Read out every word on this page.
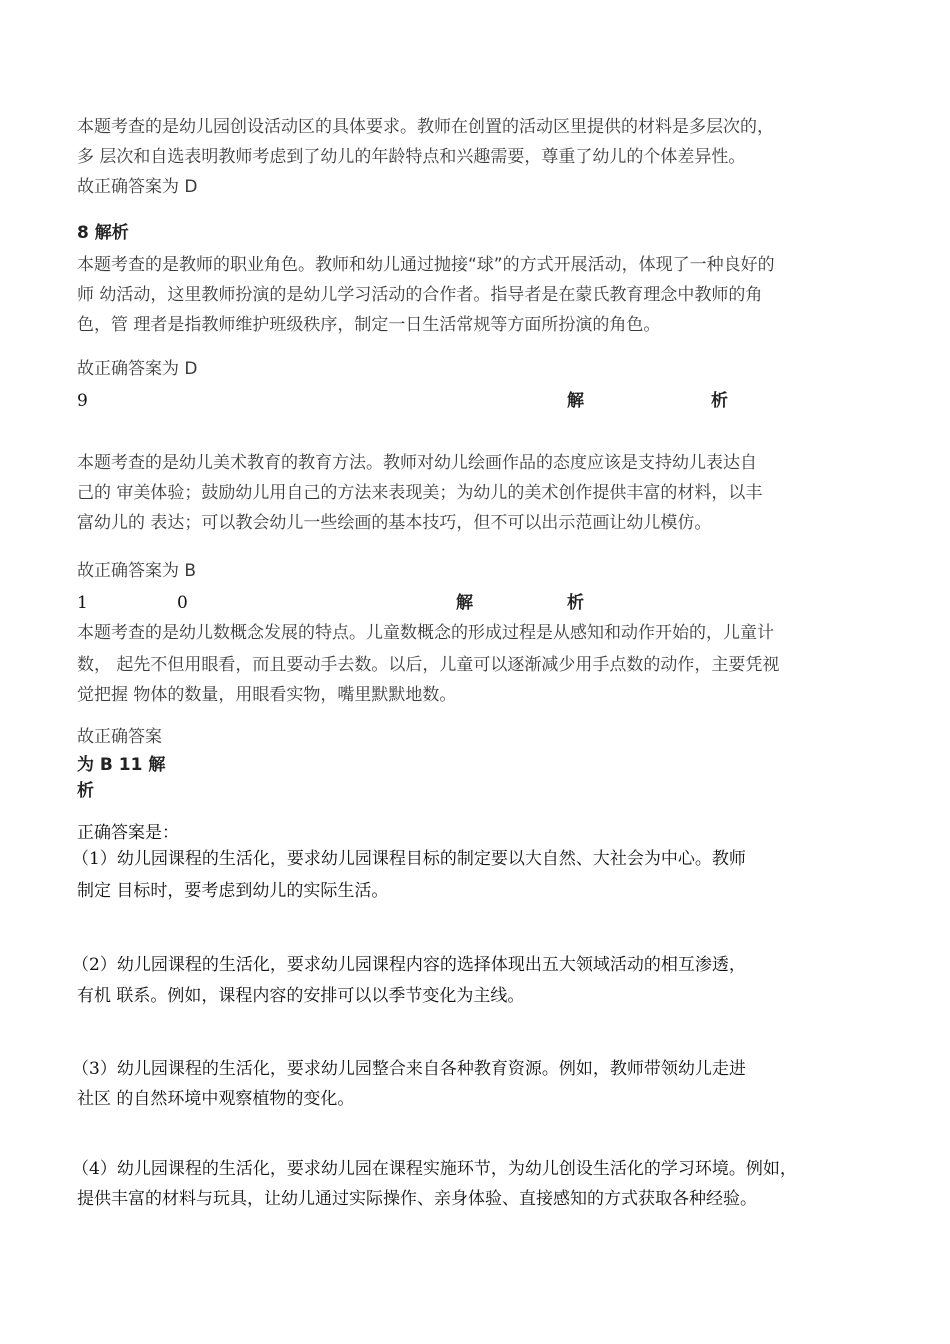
本题考查的是幼儿园创设活动区的具体要求。教师在创置的活动区里提供的材料是多层次的，
多 层次和自选表明教师考虑到了幼儿的年龄特点和兴趣需要，尊重了幼儿的个体差异性。
故正确答案为 D
8 解析
本题考查的是教师的职业角色。教师和幼儿通过抛接“球”的方式开展活动，体现了一种良好的
师 幼活动，这里教师扮演的是幼儿学习活动的合作者。指导者是在蒙氏教育理念中教师的角
色，管 理者是指教师维护班级秩序，制定一日生活常规等方面所扮演的角色。
故正确答案为 D
9	解	析
本题考查的是幼儿美术教育的教育方法。教师对幼儿绘画作品的态度应该是支持幼儿表达自
己的 审美体验；鼓励幼儿用自己的方法来表现美；为幼儿的美术创作提供丰富的材料，以丰
富幼儿的 表达；可以教会幼儿一些绘画的基本技巧，但不可以出示范画让幼儿模仿。
故正确答案为 B
1	0	解	析
本题考查的是幼儿数概念发展的特点。儿童数概念的形成过程是从感知和动作开始的，儿童计
数， 起先不但用眼看，而且要动手去数。以后，儿童可以逐渐减少用手点数的动作，主要凭视
觉把握 物体的数量，用眼看实物，嘴里默默地数。
故正确答案
为 B 11 解
析
正确答案是：
（1）幼儿园课程的生活化，要求幼儿园课程目标的制定要以大自然、大社会为中心。教师
制定 目标时，要考虑到幼儿的实际生活。
（2）幼儿园课程的生活化，要求幼儿园课程内容的选择体现出五大领域活动的相互渗透，
有机 联系。例如，课程内容的安排可以以季节变化为主线。
（3）幼儿园课程的生活化，要求幼儿园整合来自各种教育资源。例如，教师带领幼儿走进
社区 的自然环境中观察植物的变化。
（4）幼儿园课程的生活化，要求幼儿园在课程实施环节，为幼儿创设生活化的学习环境。例如，
提供丰富的材料与玩具，让幼儿通过实际操作、亲身体验、直接感知的方式获取各种经验。
